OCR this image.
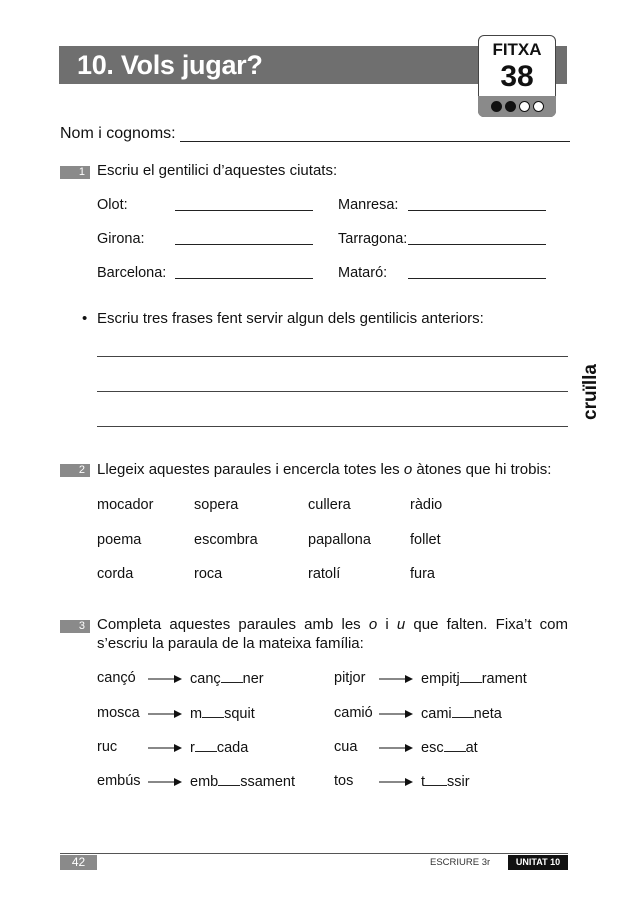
10. Vols jugar?
FITXA
38
Nom i cognoms:
1 Escriu el gentilici d’aquestes ciutats:
Olot:	Manresa:
Girona:	Tarragona:
Barcelona:	Mataró:
• Escriu tres frases fent servir algun dels gentilicis anteriors:
cruïlla
2 Llegeix aquestes paraules i encercla totes les o àtones que hi trobis:
mocador	sopera	cullera	ràdio
poema	escombra	papallona	follet
corda	roca	ratolí	fura
3 Completa aquestes paraules amb les o i u que falten. Fixa’t com
s’escriu la paraula de la mateixa família:
cançó	canç ner
mosca	m squit
ruc	r cada
embús	emb ssament
pitjor	empitj rament
camió	cami neta
cua	esc at
tos	t ssir
42	ESCRIURE 3r	UNITAT 10
